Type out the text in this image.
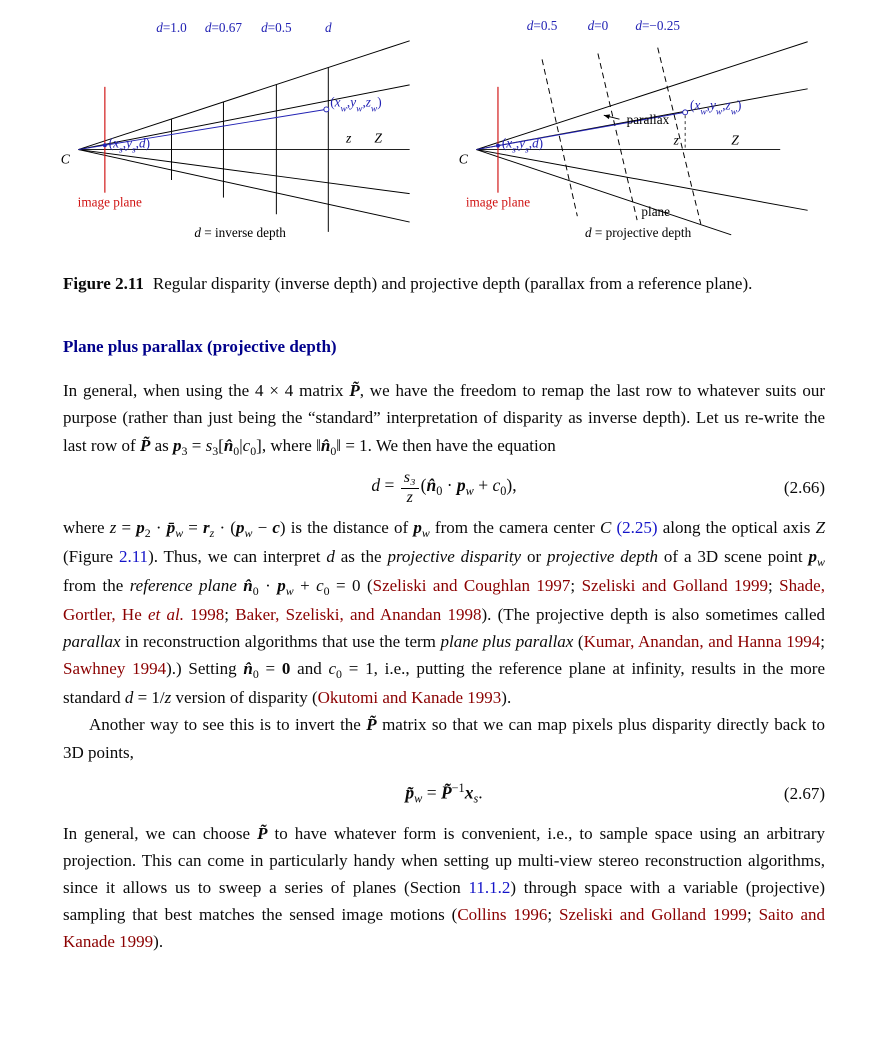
d=1.0 d=0.67 d=0.5 d
$(x_w,y_w,z_w)$
$(x_s,y_s,d)$
C
z Z
image plane
d = inverse depth
d=0.5 d=0 d=−0.25
parallax
$(x_w,y_w,z_w)$
$(x_s,y_s,d)$
C
z	Z
plane
image plane
d = projective depth

Figure 2.11 Regular disparity (inverse depth) and projective depth (parallax from a reference plane).

Plane plus parallax (projective depth)

In general, when using the 4 × 4 matrix P̃, we have the freedom to remap the last row to whatever suits our purpose (rather than just being the “standard” interpretation of disparity as inverse depth). Let us re-write the last row of P̃ as $p_3$ = $s_3[n̂_0|c_0]$, where $‖n̂_0‖ = 1$. We then have the equation

$d = \frac{\text{s₃}}{z}$ $(n̂_0 \cdot p_w + c_0)$,	(2.66)

where $z = p_2$ · $p̄_w = r_z \cdot (p_w - c)$ is the distance of $p_w$ from the camera center C (2.25) along the optical axis Z (Figure 2.11). Thus, we can interpret d as the projective disparity or projective depth of a 3D scene point $p_w$ from the reference plane $n̂_0 \cdot p_w + c_0 = 0$ (Szeliski and Coughlan 1997; Szeliski and Golland 1999; Shade, Gortler, He et al. 1998; Baker, Szeliski, and Anandan 1998). (The projective depth is also sometimes called parallax in reconstruction algorithms that use the term plane plus parallax (Kumar, Anandan, and Hanna 1994; Sawhney 1994).) Setting $n̂_0 = 0$ and $c_0 = 1$, i.e., putting the reference plane at infinity, results in the more standard d = 1/z version of disparity (Okutomi and Kanade 1993).

Another way to see this is to invert the P̃ matrix so that we can map pixels plus disparity directly back to 3D points,

$p̃_w$ = $P̃^{-1}x_s$.	(2.67)

In general, we can choose P̃ to have whatever form is convenient, i.e., to sample space using an arbitrary projection. This can come in particularly handy when setting up multi-view stereo reconstruction algorithms, since it allows us to sweep a series of planes (Section 11.1.2) through space with a variable (projective) sampling that best matches the sensed image motions (Collins 1996; Szeliski and Golland 1999; Saito and Kanade 1999).
